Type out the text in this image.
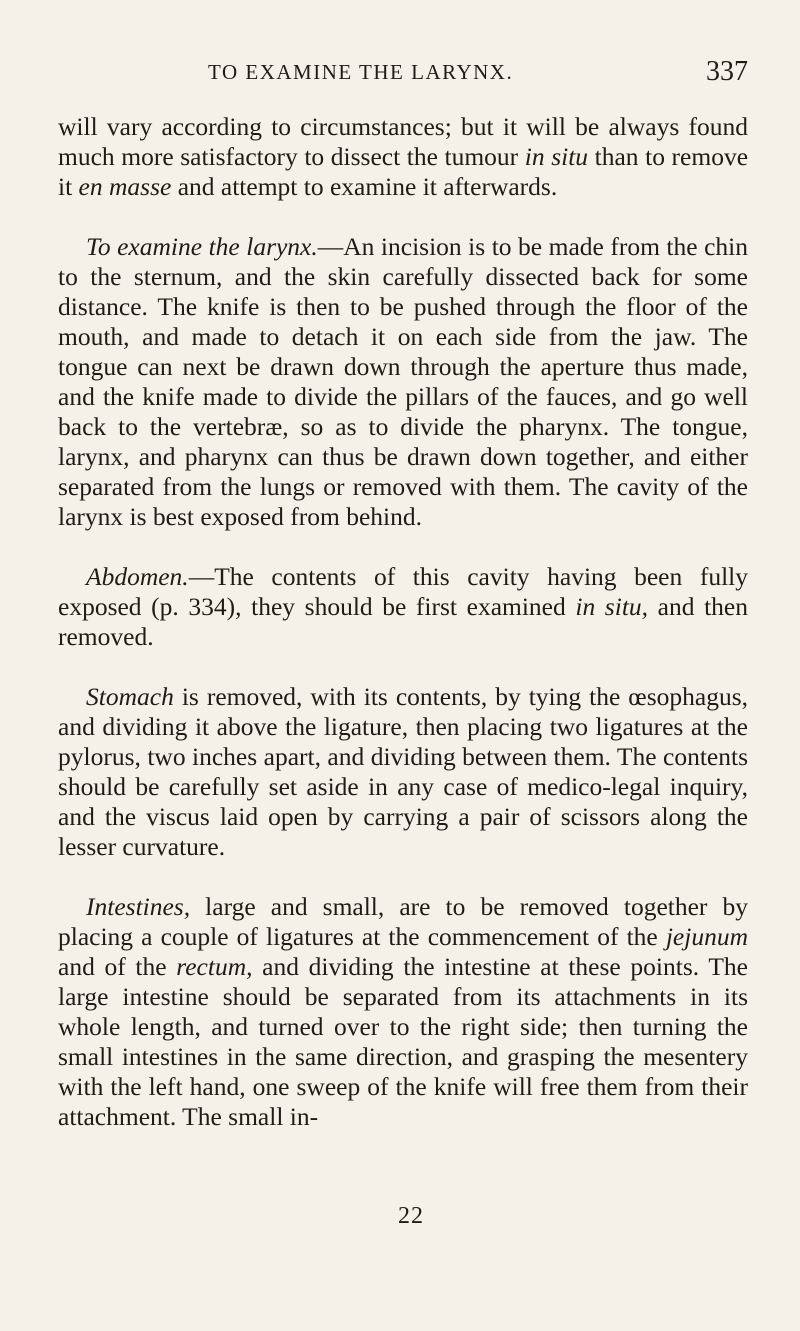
TO EXAMINE THE LARYNX.	337

will vary according to circumstances; but it will be always found much more satisfactory to dissect the tumour in situ than to remove it en masse and attempt to examine it afterwards.

To examine the larynx.—An incision is to be made from the chin to the sternum, and the skin carefully dissected back for some distance. The knife is then to be pushed through the floor of the mouth, and made to detach it on each side from the jaw. The tongue can next be drawn down through the aperture thus made, and the knife made to divide the pillars of the fauces, and go well back to the vertebræ, so as to divide the pharynx. The tongue, larynx, and pharynx can thus be drawn down together, and either separated from the lungs or removed with them. The cavity of the larynx is best exposed from behind.

Abdomen.—The contents of this cavity having been fully exposed (p. 334), they should be first examined in situ, and then removed.

Stomach is removed, with its contents, by tying the œsophagus, and dividing it above the ligature, then placing two ligatures at the pylorus, two inches apart, and dividing between them. The contents should be carefully set aside in any case of medico-legal inquiry, and the viscus laid open by carrying a pair of scissors along the lesser curvature.

Intestines, large and small, are to be removed together by placing a couple of ligatures at the commencement of the jejunum and of the rectum, and dividing the intestine at these points. The large intestine should be separated from its attachments in its whole length, and turned over to the right side; then turning the small intestines in the same direction, and grasping the mesentery with the left hand, one sweep of the knife will free them from their attachment. The small in-

22
